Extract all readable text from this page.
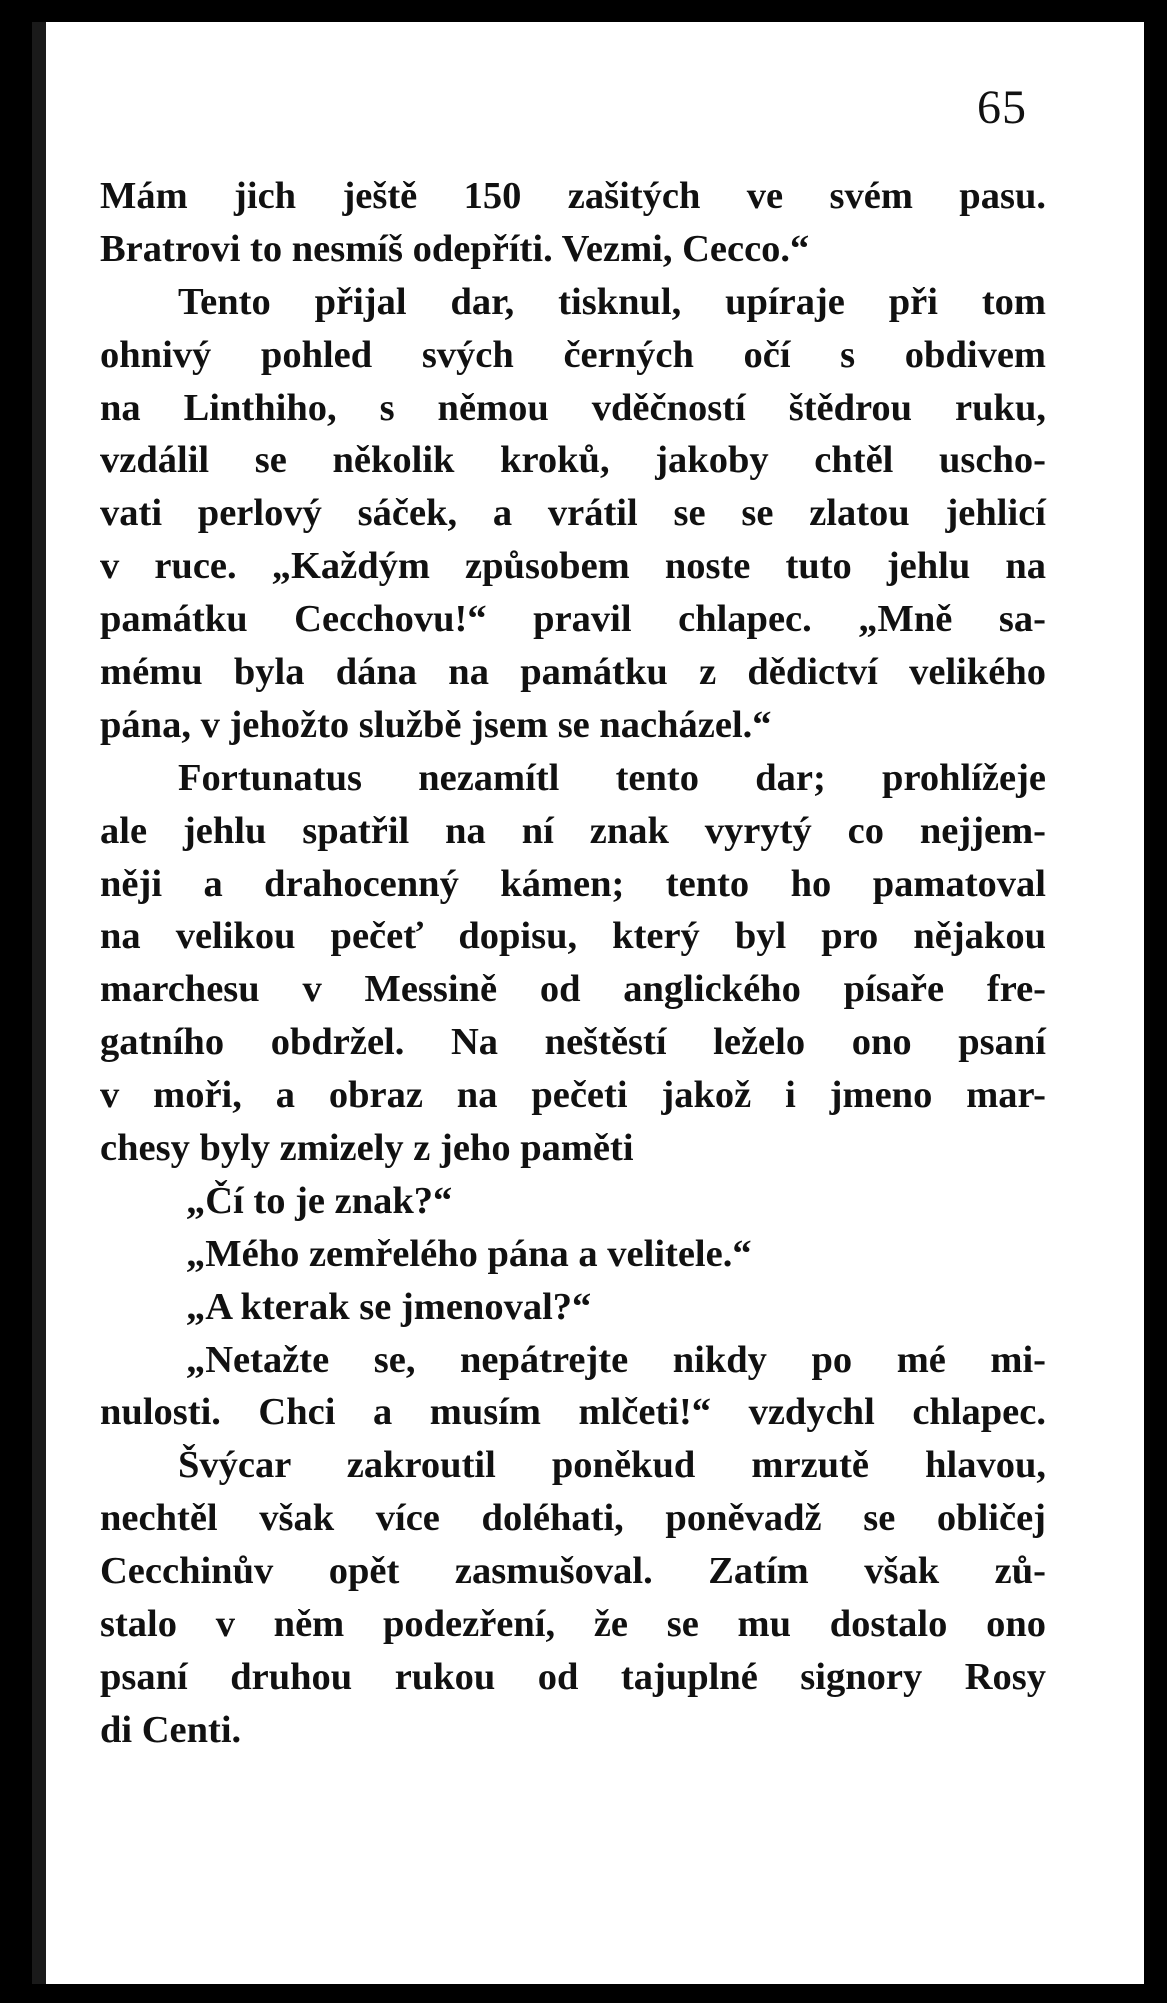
65
Mám jich ještě 150 zašitých ve svém pasu.
Bratrovi to nesmíš odepříti. Vezmi, Cecco.“
Tento přijal dar, tisknul, upíraje při tom
ohnivý pohled svých černých očí s obdivem
na Linthiho, s němou vděčností štědrou ruku,
vzdálil se několik kroků, jakoby chtěl uscho-
vati perlový sáček, a vrátil se se zlatou jehlicí
v ruce. „Každým způsobem noste tuto jehlu na
památku Cecchovu!“ pravil chlapec. „Mně sa-
mému byla dána na památku z dědictví velikého
pána, v jehožto službě jsem se nacházel.“
Fortunatus nezamítl tento dar; prohlížeje
ale jehlu spatřil na ní znak vyrytý co nejjem-
něji a drahocenný kámen; tento ho pamatoval
na velikou pečeť dopisu, který byl pro nějakou
marchesu v Messině od anglického písaře fre-
gatního obdržel. Na neštěstí leželo ono psaní
v moři, a obraz na pečeti jakož i jmeno mar-
chesy byly zmizely z jeho paměti
„Čí to je znak?“
„Mého zemřelého pána a velitele.“
„A kterak se jmenoval?“
„Netažte se, nepátrejte nikdy po mé mi-
nulosti. Chci a musím mlčeti!“ vzdychl chlapec.
Švýcar zakroutil poněkud mrzutě hlavou,
nechtěl však více doléhati, poněvadž se obličej
Cecchinův opět zasmušoval. Zatím však zů-
stalo v něm podezření, že se mu dostalo ono
psaní druhou rukou od tajuplné signory Rosy
di Centi.
